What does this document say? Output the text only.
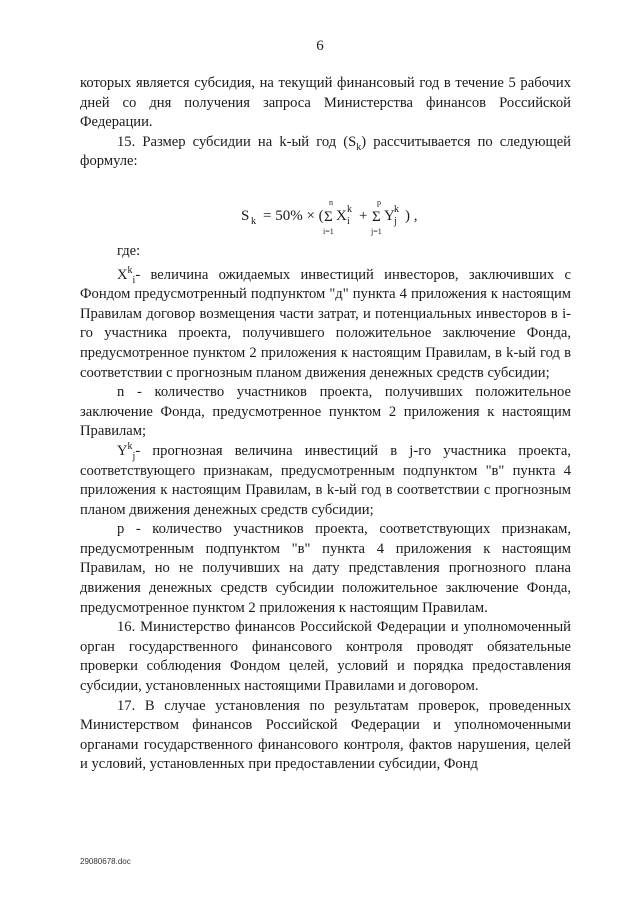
6

которых является субсидия, на текущий финансовый год в течение 5 рабочих дней со дня получения запроса Министерства финансов Российской Федерации.

15. Размер субсидии на k-ый год $(S_k)$ рассчитывается по следующей формуле:

S k = 50% × (
n
Σ
i=1
X k
i +
p
Σ
j=1
Y k
j ) ,

где:

$X^k_i-$ величина ожидаемых инвестиций инвесторов, заключивших с Фондом предусмотренный подпунктом "д" пункта 4 приложения к настоящим Правилам договор возмещения части затрат, и потенциальных инвесторов в i-го участника проекта, получившего положительное заключение Фонда, предусмотренное пунктом 2 приложения к настоящим Правилам, в k-ый год в соответствии с прогнозным планом движения денежных средств субсидии;

n - количество участников проекта, получивших положительное заключение Фонда, предусмотренное пунктом 2 приложения к настоящим Правилам;

$Y^k_j-$ прогнозная величина инвестиций в j-го участника проекта, соответствующего признакам, предусмотренным подпунктом "в" пункта 4 приложения к настоящим Правилам, в k-ый год в соответствии с прогнозным планом движения денежных средств субсидии;

р - количество участников проекта, соответствующих признакам, предусмотренным подпунктом "в" пункта 4 приложения к настоящим Правилам, но не получивших на дату представления прогнозного плана движения денежных средств субсидии положительное заключение Фонда, предусмотренное пунктом 2 приложения к настоящим Правилам.

16. Министерство финансов Российской Федерации и уполномоченный орган государственного финансового контроля проводят обязательные проверки соблюдения Фондом целей, условий и порядка предоставления субсидии, установленных настоящими Правилами и договором.

17. В случае установления по результатам проверок, проведенных Министерством финансов Российской Федерации и уполномоченными органами государственного финансового контроля, фактов нарушения, целей и условий, установленных при предоставлении субсидии, Фонд

29080678.doc
